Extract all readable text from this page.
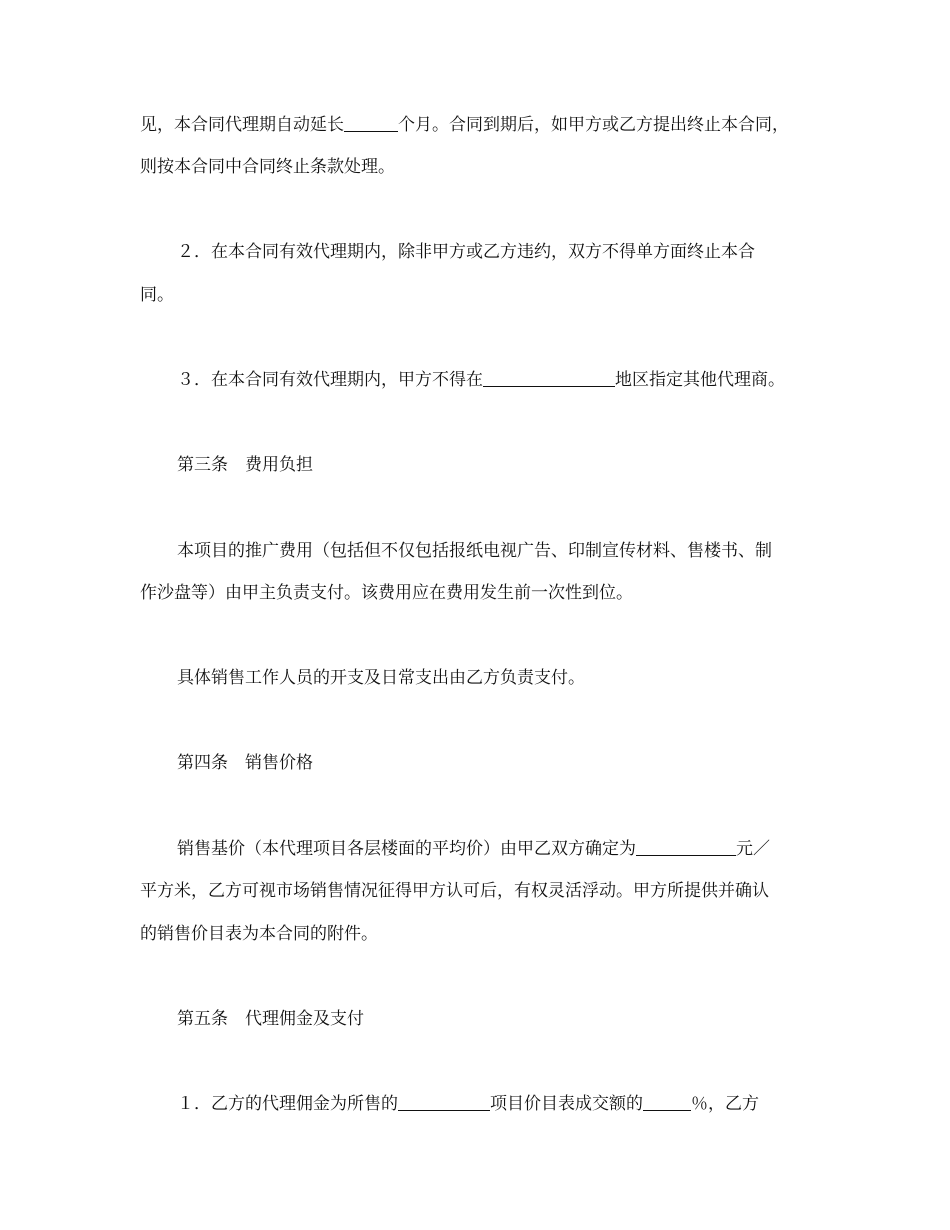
见，本合同代理期自动延长	个月。合同到期后，如甲方或乙方提出终止本合同，
则按本合同中合同终止条款处理。
２．在本合同有效代理期内，除非甲方或乙方违约，双方不得单方面终止本合
同。
３．在本合同有效代理期内，甲方不得在	地区指定其他代理商。
第三条　费用负担
本项目的推广费用（包括但不仅包括报纸电视广告、印制宣传材料、售楼书、制
作沙盘等）由甲主负责支付。该费用应在费用发生前一次性到位。
具体销售工作人员的开支及日常支出由乙方负责支付。
第四条　销售价格
销售基价（本代理项目各层楼面的平均价）由甲乙双方确定为	元／
平方米，乙方可视市场销售情况征得甲方认可后，有权灵活浮动。甲方所提供并确认
的销售价目表为本合同的附件。
第五条　代理佣金及支付
１．乙方的代理佣金为所售的	项目价目表成交额的	％，乙方
